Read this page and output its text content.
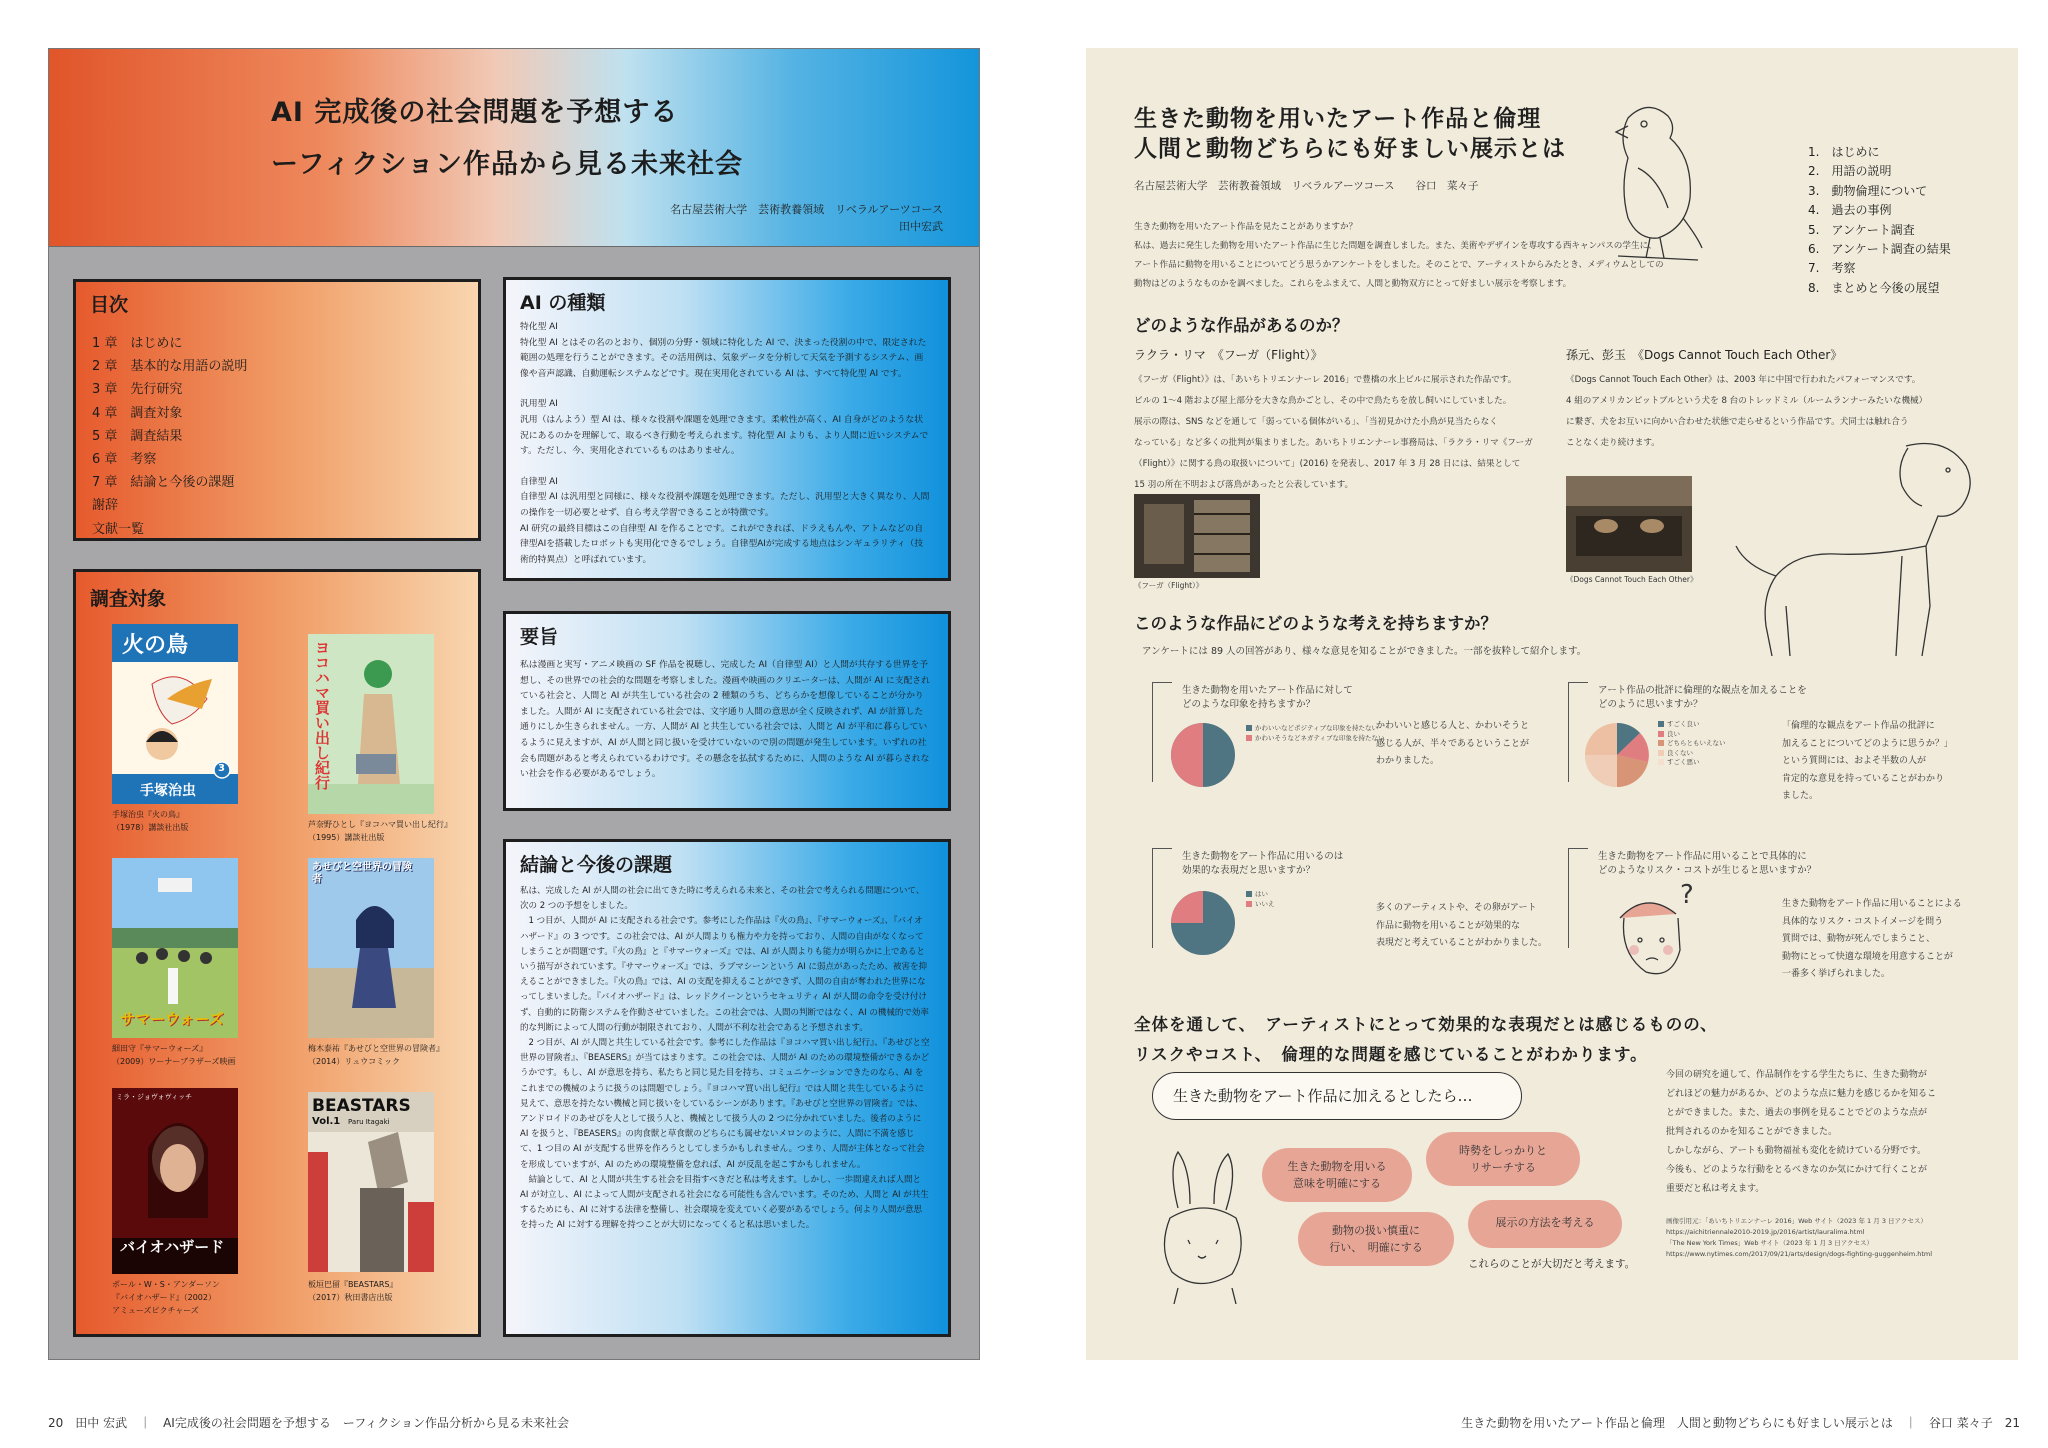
AI 完成後の社会問題を予想する
ーフィクション作品から見る未来社会
名古屋芸術大学　芸術教養領域　リベラルアーツコース
田中宏武
目次
1 章　はじめに
2 章　基本的な用語の説明
3 章　先行研究
4 章　調査対象
5 章　調査結果
6 章　考察
7 章　結論と今後の課題
謝辞
文献一覧
調査対象
火の鳥
手塚治虫
3
手塚治虫『火の鳥』
（1978）講談社出版
ヨコハマ買い出し紀行
芦奈野ひとし『ヨコハマ買い出し紀行』
（1995）講談社出版
サマーウォーズ
細田守『サマーウォーズ』
（2009）ワーナーブラザーズ映画
あせびと空世界の冒険者
梅木泰祐『あせびと空世界の冒険者』
（2014）リュウコミック
ミラ・ジョヴォヴィッチ
バイオハザード
ポール・W・S・アンダーソン
『バイオハザード』（2002）
アミューズピクチャーズ
BEASTARS
Vol.1 Paru Itagaki
板垣巴留『BEASTARS』
（2017）秋田書店出版
AI の種類

特化型 AI
特化型 AI とはその名のとおり、個別の分野・領域に特化した AI で、決まった役割の中で、限定された範囲の処理を行うことができます。その活用例は、気象データを分析して天気を予測するシステム、画像や音声認識、自動運転システムなどです。現在実用化されている AI は、すべて特化型 AI です。

汎用型 AI
汎用（はんよう）型 AI は、様々な役割や課題を処理できます。柔軟性が高く、AI 自身がどのような状況にあるのかを理解して、取るべき行動を考えられます。特化型 AI よりも、より人間に近いシステムです。ただし、今、実用化されているものはありません。

自律型 AI
自律型 AI は汎用型と同様に、様々な役割や課題を処理できます。ただし、汎用型と大きく異なり、人間の操作を一切必要とせず、自ら考え学習できることが特徴です。
AI 研究の最終目標はこの自律型 AI を作ることです。これができれば、ドラえもんや、アトムなどの自律型AIを搭載したロボットも実用化できるでしょう。自律型AIが完成する地点はシンギュラリティ（技術的特異点）と呼ばれています。

要旨
私は漫画と実写・アニメ映画の SF 作品を視聴し、完成した AI（自律型 AI）と人間が共存する世界を予想し、その世界での社会的な問題を考察しました。漫画や映画のクリエーターは、人間が AI に支配されている社会と、人間と AI が共生している社会の 2 種類のうち、どちらかを想像していることが分かりました。人間が AI に支配されている社会では、文字通り人間の意思が全く反映されず、AI が計算した通りにしか生きられません。一方、人間が AI と共生している社会では、人間と AI が平和に暮らしているように見えますが、AI が人間と同じ扱いを受けていないので別の問題が発生しています。いずれの社会も問題があると考えられているわけです。その懸念を払拭するために、人間のような AI が暮らされない社会を作る必要があるでしょう。
結論と今後の課題
私は、完成した AI が人間の社会に出てきた時に考えられる未来と、その社会で考えられる問題について、次の 2 つの予想をしました。
1 つ目が、人間が AI に支配される社会です。参考にした作品は『火の鳥』、『サマーウォーズ』、『バイオハザード』の 3 つです。この社会では、AI が人間よりも権力や力を持っており、人間の自由がなくなってしまうことが問題です。『火の鳥』と『サマーウォーズ』では、AI が人間よりも能力が明らかに上であるという描写がされています。『サマーウォーズ』では、ラブマシーンという AI に弱点があったため、被害を抑えることができました。『火の鳥』では、AI の支配を抑えることができず、人間の自由が奪われた世界になってしまいました。『バイオハザード』は、レッドクイーンというセキュリティ AI が人間の命令を受け付けず、自動的に防衛システムを作動させていました。この社会では、人間の判断ではなく、AI の機械的で効率的な判断によって人間の行動が制限されており、人間が不利な社会であると予想されます。
2 つ目が、AI が人間と共生している社会です。参考にした作品は『ヨコハマ買い出し紀行』、『あせびと空世界の冒険者』、『BEASERS』が当てはまります。この社会では、人間が AI のための環境整備ができるかどうかです。もし、AI が意思を持ち、私たちと同じ見た目を持ち、コミュニケーションできたのなら、AI をこれまでの機械のように扱うのは問題でしょう。『ヨコハマ買い出し紀行』では人間と共生しているように見えて、意思を持たない機械と同じ扱いをしているシーンがあります。『あせびと空世界の冒険者』では、アンドロイドのあせびを人として扱う人と、機械として扱う人の 2 つに分かれていました。後者のように AI を扱うと、『BEASERS』の肉食獣と草食獣のどちらにも属せないメロンのように、人間に不満を感じて、1 つ目の AI が支配する世界を作ろうとしてしまうかもしれません。つまり、人間が主体となって社会を形成していますが、AI のための環境整備を怠れば、AI が反乱を起こすかもしれません。
結論として、AI と人間が共生する社会を目指すべきだと私は考えます。しかし、一歩間違えれば人間と AI が対立し、AI によって人間が支配される社会になる可能性も含んでいます。そのため、人間と AI が共生するためにも、AI に対する法律を整備し、社会環境を変えていく必要があるでしょう。何より人間が意思を持った AI に対する理解を持つことが大切になってくると私は思いました。
20　田中 宏武　｜　AI完成後の社会問題を予想する　ーフィクション作品分析から見る未来社会
生きた動物を用いたアート作品と倫理
人間と動物どちらにも好ましい展示とは
名古屋芸術大学　芸術教養領域　リベラルアーツコース　　谷口　菜々子
1.　はじめに
2.　用語の説明
3.　動物倫理について
4.　過去の事例
5.　アンケート調査
6.　アンケート調査の結果
7.　考察
8.　まとめと今後の展望
生きた動物を用いたアート作品を見たことがありますか？
私は、過去に発生した動物を用いたアート作品に生じた問題を調査しました。また、美術やデザインを専攻する西キャンパスの学生に、
アート作品に動物を用いることについてどう思うかアンケートをしました。そのことで、アーティストからみたとき、メディウムとしての
動物はどのようなものかを調べました。これらをふまえて、人間と動物双方にとって好ましい展示を考察します。
どのような作品があるのか？
ラクラ・リマ　《フーガ（Flight）》
《フーガ（Flight）》は、「あいちトリエンナーレ 2016」で豊橋の水上ビルに展示された作品です。
ビルの 1〜4 階および屋上部分を大きな鳥かごとし、その中で鳥たちを放し飼いにしていました。
展示の際は、SNS などを通して「弱っている個体がいる」、「当初見かけた小鳥が見当たらなく
なっている」など多くの批判が集まりました。あいちトリエンナーレ事務局は、「ラクラ・リマ《フーガ
（Flight）》に関する鳥の取扱いについて」(2016) を発表し、2017 年 3 月 28 日には、結果として
15 羽の所在不明および落鳥があったと公表しています。
《フーガ（Flight）》
孫元、彭玉　《Dogs Cannot Touch Each Other》
《Dogs Cannot Touch Each Other》は、2003 年に中国で行われたパフォーマンスです。
4 組のアメリカンピットブルという犬を 8 台のトレッドミル（ルームランナーみたいな機械）
に繋ぎ、犬をお互いに向かい合わせた状態で走らせるという作品です。犬同士は触れ合う
ことなく走り続けます。
《Dogs Cannot Touch Each Other》
このような作品にどのような考えを持ちますか？
アンケートには 89 人の回答があり、様々な意見を知ることができました。一部を抜粋して紹介します。
生きた動物を用いたアート作品に対して
どのような印象を持ちますか？
かわいいなどポジティブな印象を持たない
かわいそうなどネガティブな印象を持たない
かわいいと感じる人と、かわいそうと
感じる人が、半々であるということが
わかりました。
アート作品の批評に倫理的な観点を加えることを
どのように思いますか？
すごく良い
良い
どちらともいえない
良くない
すごく悪い
「倫理的な観点をアート作品の批評に
加えることについてどのように思うか？」
という質問には、およそ半数の人が
肯定的な意見を持っていることがわかり
ました。
生きた動物をアート作品に用いるのは
効果的な表現だと思いますか？
はい
いいえ	多くのアーティストや、その卵がアート
作品に動物を用いることが効果的な
表現だと考えていることがわかりました。
生きた動物をアート作品に用いることで具体的に
どのようなリスク・コストが生じると思いますか？
?	生きた動物をアート作品に用いることによる
具体的なリスク・コストイメージを問う
質問では、動物が死んでしまうこと、
動物にとって快適な環境を用意することが
一番多く挙げられました。
全体を通して、　アーティストにとって効果的な表現だとは感じるものの、
リスクやコスト、　倫理的な問題を感じていることがわかります。
生きた動物をアート作品に加えるとしたら…
生きた動物を用いる
意味を明確にする
時勢をしっかりと
リサーチする
動物の扱い慎重に
行い、　明確にする
展示の方法を考える
これらのことが大切だと考えます。
今回の研究を通して、作品制作をする学生たちに、生きた動物が
どれほどの魅力があるか、どのような点に魅力を感じるかを知るこ
とができました。また、過去の事例を見ることでどのような点が
批判されるのかを知ることができました。
しかしながら、アートも動物福祉も変化を続けている分野です。
今後も、どのような行動をとるべきなのか気にかけて行くことが
重要だと私は考えます。
画像引用元：「あいちトリエンナーレ 2016」Web サイト（2023 年 1 月 3 日アクセス）
https://aichitriennale2010-2019.jp/2016/artist/lauralima.html
「The New York Times」Web サイト（2023 年 1 月 3 日アクセス）
https://www.nytimes.com/2017/09/21/arts/design/dogs-fighting-guggenheim.html
生きた動物を用いたアート作品と倫理　人間と動物どちらにも好ましい展示とは　｜　谷口 菜々子　21
